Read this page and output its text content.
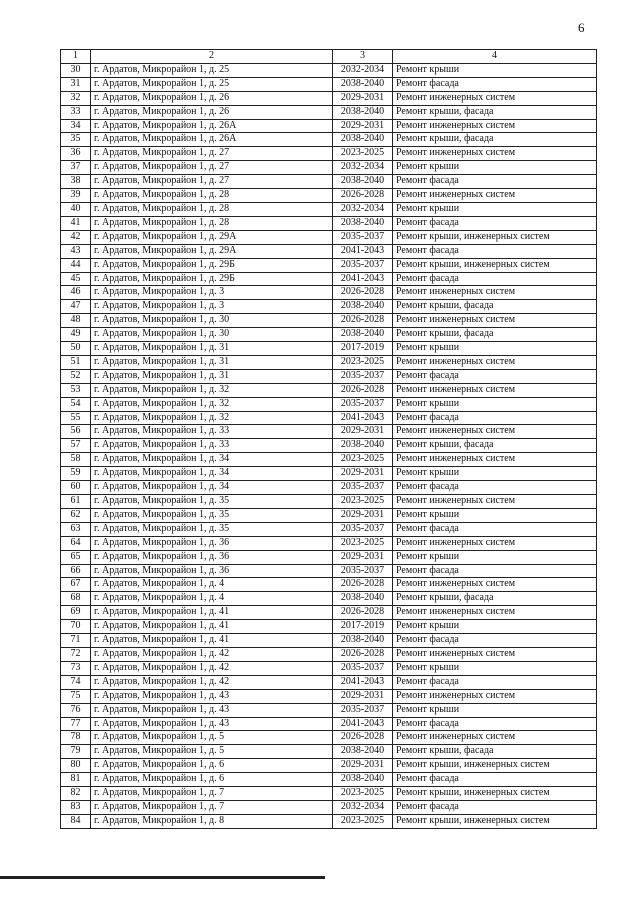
6
1	2	3	4
30	г. Ардатов, Микрорайон 1, д. 25	2032-2034	Ремонт крыши
31	г. Ардатов, Микрорайон 1, д. 25	2038-2040	Ремонт фасада
32	г. Ардатов, Микрорайон 1, д. 26	2029-2031	Ремонт инженерных систем
33	г. Ардатов, Микрорайон 1, д. 26	2038-2040	Ремонт крыши, фасада
34	г. Ардатов, Микрорайон 1, д. 26А	2029-2031	Ремонт инженерных систем
35	г. Ардатов, Микрорайон 1, д. 26А	2038-2040	Ремонт крыши, фасада
36	г. Ардатов, Микрорайон 1, д. 27	2023-2025	Ремонт инженерных систем
37	г. Ардатов, Микрорайон 1, д. 27	2032-2034	Ремонт крыши
38	г. Ардатов, Микрорайон 1, д. 27	2038-2040	Ремонт фасада
39	г. Ардатов, Микрорайон 1, д. 28	2026-2028	Ремонт инженерных систем
40	г. Ардатов, Микрорайон 1, д. 28	2032-2034	Ремонт крыши
41	г. Ардатов, Микрорайон 1, д. 28	2038-2040	Ремонт фасада
42	г. Ардатов, Микрорайон 1, д. 29А	2035-2037	Ремонт крыши, инженерных систем
43	г. Ардатов, Микрорайон 1, д. 29А	2041-2043	Ремонт фасада
44	г. Ардатов, Микрорайон 1, д. 29Б	2035-2037	Ремонт крыши, инженерных систем
45	г. Ардатов, Микрорайон 1, д. 29Б	2041-2043	Ремонт фасада
46	г. Ардатов, Микрорайон 1, д. 3	2026-2028	Ремонт инженерных систем
47	г. Ардатов, Микрорайон 1, д. 3	2038-2040	Ремонт крыши, фасада
48	г. Ардатов, Микрорайон 1, д. 30	2026-2028	Ремонт инженерных систем
49	г. Ардатов, Микрорайон 1, д. 30	2038-2040	Ремонт крыши, фасада
50	г. Ардатов, Микрорайон 1, д. 31	2017-2019	Ремонт крыши
51	г. Ардатов, Микрорайон 1, д. 31	2023-2025	Ремонт инженерных систем
52	г. Ардатов, Микрорайон 1, д. 31	2035-2037	Ремонт фасада
53	г. Ардатов, Микрорайон 1, д. 32	2026-2028	Ремонт инженерных систем
54	г. Ардатов, Микрорайон 1, д. 32	2035-2037	Ремонт крыши
55	г. Ардатов, Микрорайон 1, д. 32	2041-2043	Ремонт фасада
56	г. Ардатов, Микрорайон 1, д. 33	2029-2031	Ремонт инженерных систем
57	г. Ардатов, Микрорайон 1, д. 33	2038-2040	Ремонт крыши, фасада
58	г. Ардатов, Микрорайон 1, д. 34	2023-2025	Ремонт инженерных систем
59	г. Ардатов, Микрорайон 1, д. 34	2029-2031	Ремонт крыши
60	г. Ардатов, Микрорайон 1, д. 34	2035-2037	Ремонт фасада
61	г. Ардатов, Микрорайон 1, д. 35	2023-2025	Ремонт инженерных систем
62	г. Ардатов, Микрорайон 1, д. 35	2029-2031	Ремонт крыши
63	г. Ардатов, Микрорайон 1, д. 35	2035-2037	Ремонт фасада
64	г. Ардатов, Микрорайон 1, д. 36	2023-2025	Ремонт инженерных систем
65	г. Ардатов, Микрорайон 1, д. 36	2029-2031	Ремонт крыши
66	г. Ардатов, Микрорайон 1, д. 36	2035-2037	Ремонт фасада
67	г. Ардатов, Микрорайон 1, д. 4	2026-2028	Ремонт инженерных систем
68	г. Ардатов, Микрорайон 1, д. 4	2038-2040	Ремонт крыши, фасада
69	г. Ардатов, Микрорайон 1, д. 41	2026-2028	Ремонт инженерных систем
70	г. Ардатов, Микрорайон 1, д. 41	2017-2019	Ремонт крыши
71	г. Ардатов, Микрорайон 1, д. 41	2038-2040	Ремонт фасада
72	г. Ардатов, Микрорайон 1, д. 42	2026-2028	Ремонт инженерных систем
73	г. Ардатов, Микрорайон 1, д. 42	2035-2037	Ремонт крыши
74	г. Ардатов, Микрорайон 1, д. 42	2041-2043	Ремонт фасада
75	г. Ардатов, Микрорайон 1, д. 43	2029-2031	Ремонт инженерных систем
76	г. Ардатов, Микрорайон 1, д. 43	2035-2037	Ремонт крыши
77	г. Ардатов, Микрорайон 1, д. 43	2041-2043	Ремонт фасада
78	г. Ардатов, Микрорайон 1, д. 5	2026-2028	Ремонт инженерных систем
79	г. Ардатов, Микрорайон 1, д. 5	2038-2040	Ремонт крыши, фасада
80	г. Ардатов, Микрорайон 1, д. 6	2029-2031	Ремонт крыши, инженерных систем
81	г. Ардатов, Микрорайон 1, д. 6	2038-2040	Ремонт фасада
82	г. Ардатов, Микрорайон 1, д. 7	2023-2025	Ремонт крыши, инженерных систем
83	г. Ардатов, Микрорайон 1, д. 7	2032-2034	Ремонт фасада
84	г. Ардатов, Микрорайон 1, д. 8	2023-2025	Ремонт крыши, инженерных систем
